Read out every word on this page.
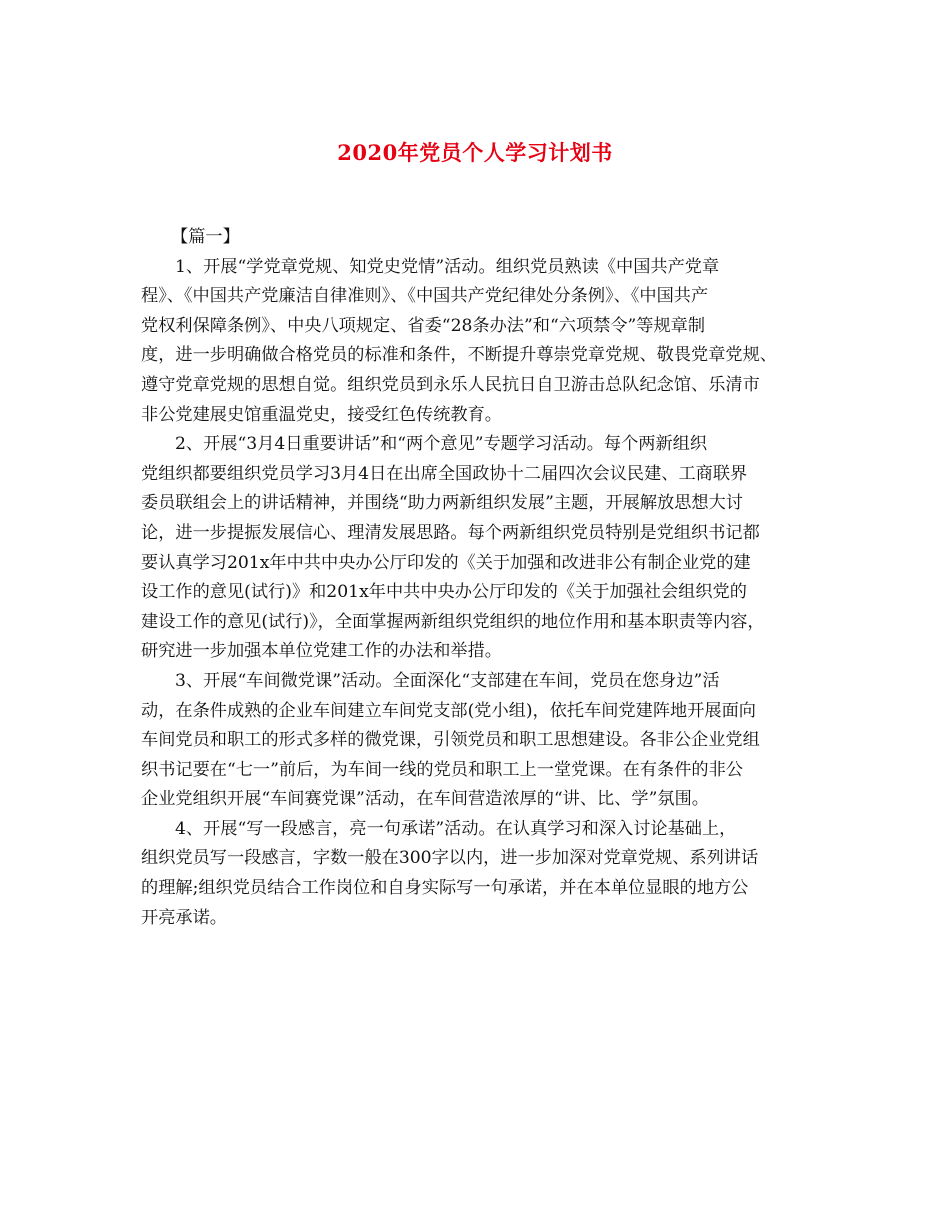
2020年党员个人学习计划书
【篇一】
1、开展“学党章党规、知党史党情”活动。组织党员熟读《中国共产党章
程》、《中国共产党廉洁自律准则》、《中国共产党纪律处分条例》、《中国共产
党权利保障条例》、中央八项规定、省委“28条办法”和“六项禁令”等规章制
度，进一步明确做合格党员的标准和条件，不断提升尊崇党章党规、敬畏党章党规、
遵守党章党规的思想自觉。组织党员到永乐人民抗日自卫游击总队纪念馆、乐清市
非公党建展史馆重温党史，接受红色传统教育。
2、开展“3月4日重要讲话”和“两个意见”专题学习活动。每个两新组织
党组织都要组织党员学习3月4日在出席全国政协十二届四次会议民建、工商联界
委员联组会上的讲话精神，并围绕“助力两新组织发展”主题，开展解放思想大讨
论，进一步提振发展信心、理清发展思路。每个两新组织党员特别是党组织书记都
要认真学习201x年中共中央办公厅印发的《关于加强和改进非公有制企业党的建
设工作的意见(试行)》和201x年中共中央办公厅印发的《关于加强社会组织党的
建设工作的意见(试行)》，全面掌握两新组织党组织的地位作用和基本职责等内容，
研究进一步加强本单位党建工作的办法和举措。
3、开展“车间微党课”活动。全面深化“支部建在车间，党员在您身边”活
动，在条件成熟的企业车间建立车间党支部(党小组)，依托车间党建阵地开展面向
车间党员和职工的形式多样的微党课，引领党员和职工思想建设。各非公企业党组
织书记要在“七一”前后，为车间一线的党员和职工上一堂党课。在有条件的非公
企业党组织开展“车间赛党课”活动，在车间营造浓厚的“讲、比、学”氛围。
4、开展“写一段感言，亮一句承诺”活动。在认真学习和深入讨论基础上，
组织党员写一段感言，字数一般在300字以内，进一步加深对党章党规、系列讲话
的理解;组织党员结合工作岗位和自身实际写一句承诺，并在本单位显眼的地方公
开亮承诺。
